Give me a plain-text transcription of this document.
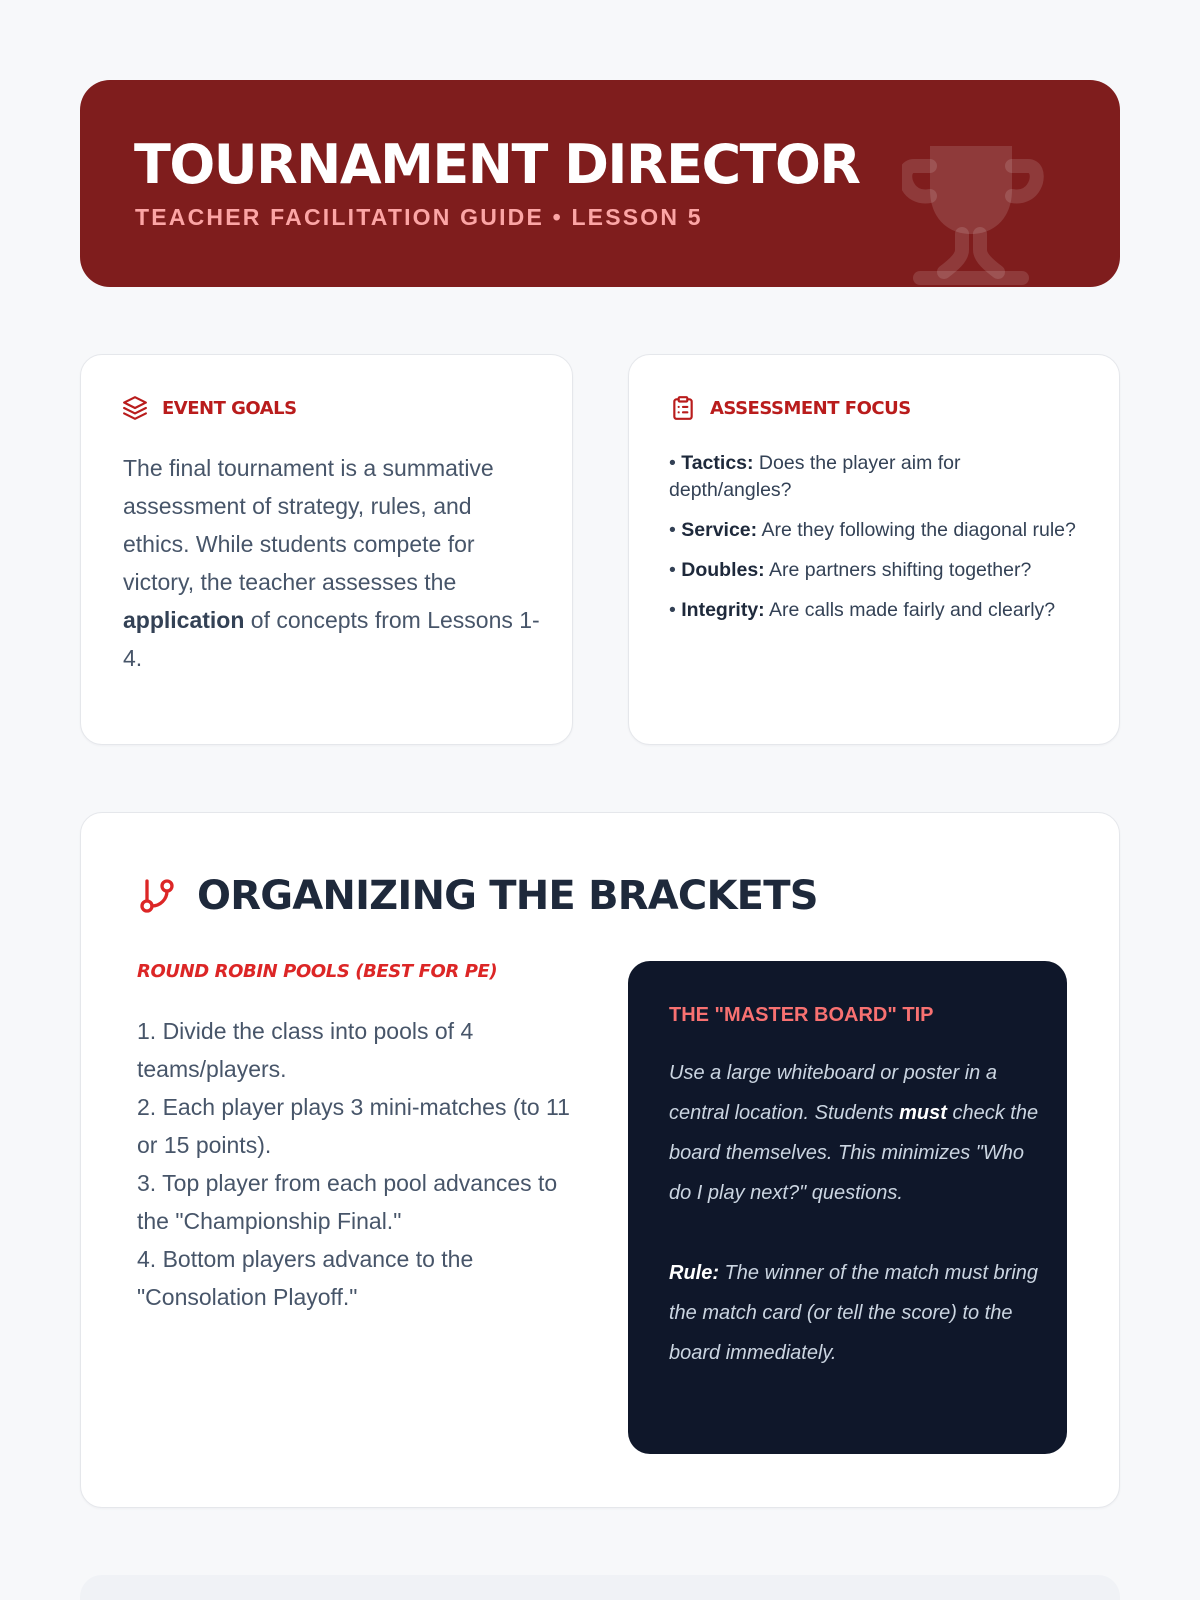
TOURNAMENT DIRECTOR
TEACHER FACILITATION GUIDE • LESSON 5
EVENT GOALS

The final tournament is a summative assessment of strategy, rules, and ethics. While students compete for victory, the teacher assesses the application of concepts from Lessons 1-4.

ASSESSMENT FOCUS
• Tactics: Does the player aim for depth/angles?
• Service: Are they following the diagonal rule?
• Doubles: Are partners shifting together?
• Integrity: Are calls made fairly and clearly?
ORGANIZING THE BRACKETS
ROUND ROBIN POOLS (BEST FOR PE)
1. Divide the class into pools of 4 teams/players.
2. Each player plays 3 mini-matches (to 11 or 15 points).
3. Top player from each pool advances to the "Championship Final."
4. Bottom players advance to the "Consolation Playoff."
THE "MASTER BOARD" TIP

Use a large whiteboard or poster in a central location. Students must check the board themselves. This minimizes "Who do I play next?" questions.

Rule: The winner of the match must bring the match card (or tell the score) to the board immediately.
